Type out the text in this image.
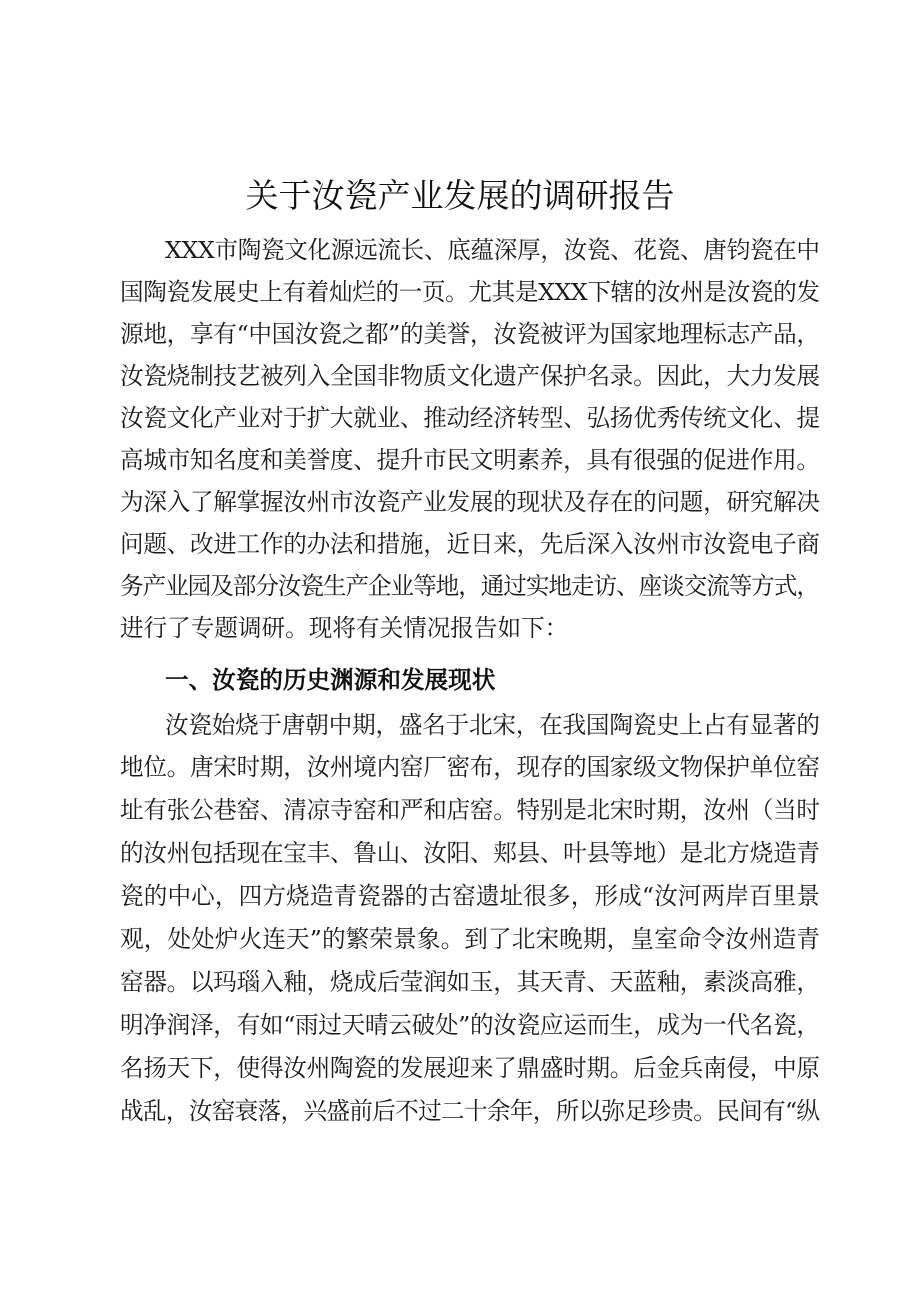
关于汝瓷产业发展的调研报告

XXX市陶瓷文化源远流长、底蕴深厚，汝瓷、花瓷、唐钧瓷在中

国陶瓷发展史上有着灿烂的一页。尤其是XXX下辖的汝州是汝瓷的发

源地，享有“中国汝瓷之都”的美誉，汝瓷被评为国家地理标志产品，

汝瓷烧制技艺被列入全国非物质文化遗产保护名录。因此，大力发展

汝瓷文化产业对于扩大就业、推动经济转型、弘扬优秀传统文化、提

高城市知名度和美誉度、提升市民文明素养，具有很强的促进作用。

为深入了解掌握汝州市汝瓷产业发展的现状及存在的问题，研究解决

问题、改进工作的办法和措施，近日来，先后深入汝州市汝瓷电子商

务产业园及部分汝瓷生产企业等地，通过实地走访、座谈交流等方式，

进行了专题调研。现将有关情况报告如下：

一、汝瓷的历史渊源和发展现状

汝瓷始烧于唐朝中期，盛名于北宋，在我国陶瓷史上占有显著的

地位。唐宋时期，汝州境内窑厂密布，现存的国家级文物保护单位窑

址有张公巷窑、清凉寺窑和严和店窑。特别是北宋时期，汝州（当时

的汝州包括现在宝丰、鲁山、汝阳、郏县、叶县等地）是北方烧造青

瓷的中心，四方烧造青瓷器的古窑遗址很多，形成“汝河两岸百里景

观，处处炉火连天”的繁荣景象。到了北宋晚期，皇室命令汝州造青

窑器。以玛瑙入釉，烧成后莹润如玉，其天青、天蓝釉，素淡高雅，

明净润泽，有如“雨过天晴云破处”的汝瓷应运而生，成为一代名瓷，

名扬天下，使得汝州陶瓷的发展迎来了鼎盛时期。后金兵南侵，中原

战乱，汝窑衰落，兴盛前后不过二十余年，所以弥足珍贵。民间有“纵
